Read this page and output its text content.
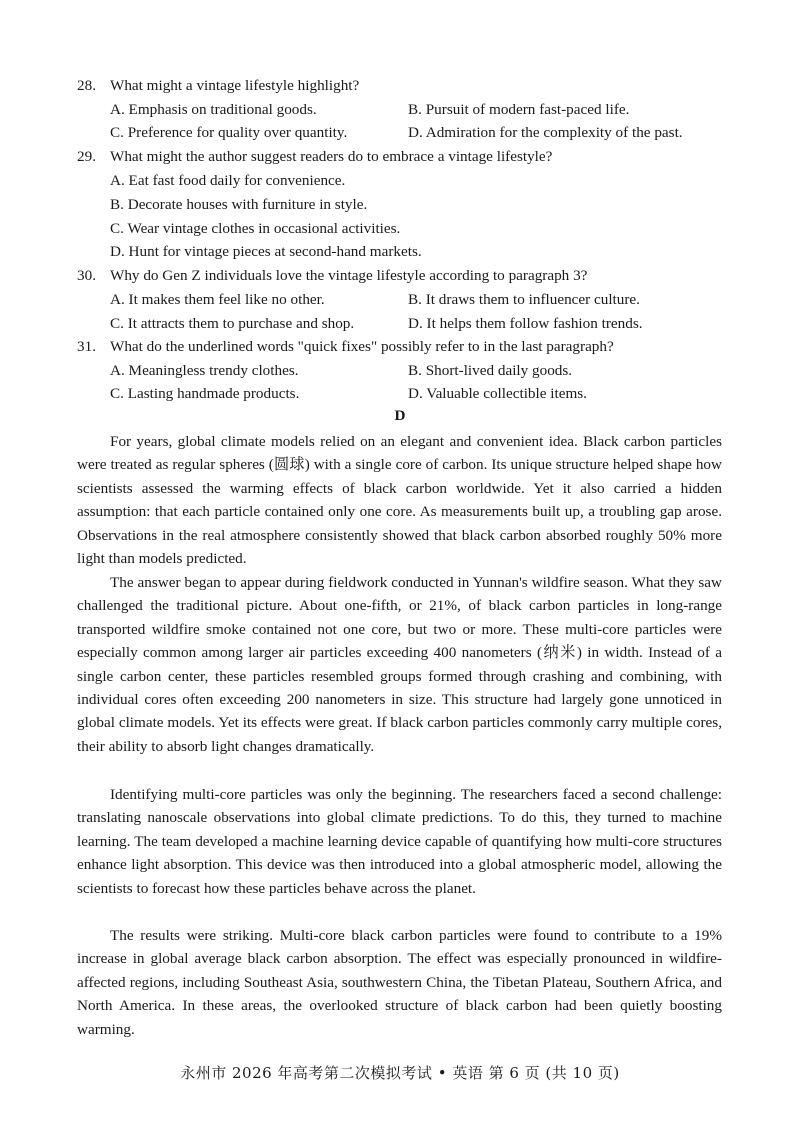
28. What might a vintage lifestyle highlight?
A. Emphasis on traditional goods.	B. Pursuit of modern fast-paced life.
C. Preference for quality over quantity.	D. Admiration for the complexity of the past.
29. What might the author suggest readers do to embrace a vintage lifestyle?
A. Eat fast food daily for convenience.
B. Decorate houses with furniture in style.
C. Wear vintage clothes in occasional activities.
D. Hunt for vintage pieces at second-hand markets.
30. Why do Gen Z individuals love the vintage lifestyle according to paragraph 3?
A. It makes them feel like no other.	B. It draws them to influencer culture.
C. It attracts them to purchase and shop.	D. It helps them follow fashion trends.
31. What do the underlined words "quick fixes" possibly refer to in the last paragraph?
A. Meaningless trendy clothes.	B. Short-lived daily goods.
C. Lasting handmade products.	D. Valuable collectible items.
D

For years, global climate models relied on an elegant and convenient idea. Black carbon particles were treated as regular spheres (圆球) with a single core of carbon. Its unique structure helped shape how scientists assessed the warming effects of black carbon worldwide. Yet it also carried a hidden assumption: that each particle contained only one core. As measurements built up, a troubling gap arose. Observations in the real atmosphere consistently showed that black carbon absorbed roughly 50% more light than models predicted.

The answer began to appear during fieldwork conducted in Yunnan's wildfire season. What they saw challenged the traditional picture. About one-fifth, or 21%, of black carbon particles in long-range transported wildfire smoke contained not one core, but two or more. These multi-core particles were especially common among larger air particles exceeding 400 nanometers (纳米) in width. Instead of a single carbon center, these particles resembled groups formed through crashing and combining, with individual cores often exceeding 200 nanometers in size. This structure had largely gone unnoticed in global climate models. Yet its effects were great. If black carbon particles commonly carry multiple cores, their ability to absorb light changes dramatically.

Identifying multi-core particles was only the beginning. The researchers faced a second challenge: translating nanoscale observations into global climate predictions. To do this, they turned to machine learning. The team developed a machine learning device capable of quantifying how multi-core structures enhance light absorption. This device was then introduced into a global atmospheric model, allowing the scientists to forecast how these particles behave across the planet.

The results were striking. Multi-core black carbon particles were found to contribute to a 19% increase in global average black carbon absorption. The effect was especially pronounced in wildfire-affected regions, including Southeast Asia, southwestern China, the Tibetan Plateau, Southern Africa, and North America. In these areas, the overlooked structure of black carbon had been quietly boosting warming.

永州市 2026 年高考第二次模拟考试 • 英语 第 6 页 (共 10 页)
